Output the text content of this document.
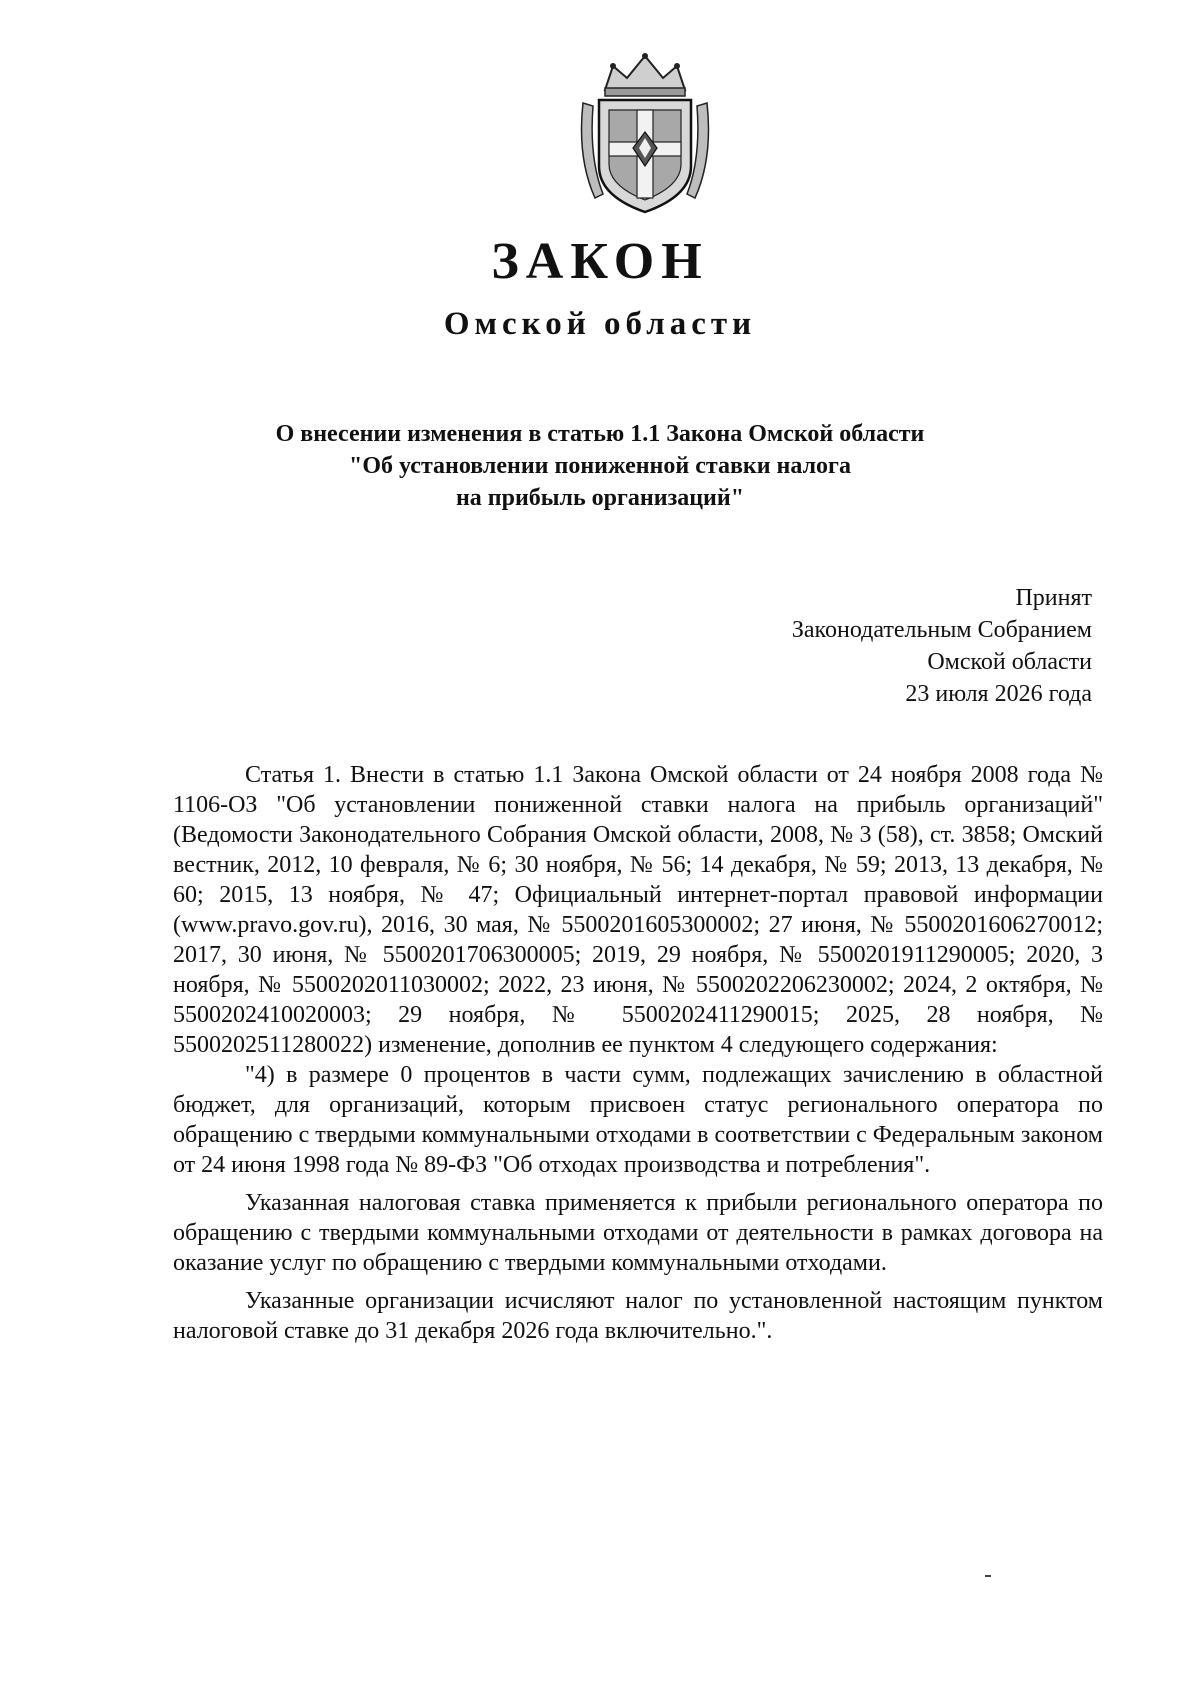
ЗАКОН
Омской области
О внесении изменения в статью 1.1 Закона Омской области
"Об установлении пониженной ставки налога
на прибыль организаций"
Принят
Законодательным Собранием
Омской области
23 июля 2026 года

Статья 1. Внести в статью 1.1 Закона Омской области от 24 ноября 2008 года № 1106-ОЗ "Об установлении пониженной ставки налога на прибыль организаций" (Ведомости Законодательного Собрания Омской области, 2008, № 3 (58), ст. 3858; Омский вестник, 2012, 10 февраля, № 6; 30 ноября, № 56; 14 декабря, № 59; 2013, 13 декабря, № 60; 2015, 13 ноября, № 47; Официальный интернет-портал правовой информации (www.pravo.gov.ru), 2016, 30 мая, № 5500201605300002; 27 июня, № 5500201606270012; 2017, 30 июня, № 5500201706300005; 2019, 29 ноября, № 5500201911290005; 2020, 3 ноября, № 5500202011030002; 2022, 23 июня, № 5500202206230002; 2024, 2 октября, № 5500202410020003; 29 ноября, № 5500202411290015; 2025, 28 ноября, № 5500202511280022) изменение, дополнив ее пунктом 4 следующего содержания:

"4) в размере 0 процентов в части сумм, подлежащих зачислению в областной бюджет, для организаций, которым присвоен статус регионального оператора по обращению с твердыми коммунальными отходами в соответствии с Федеральным законом от 24 июня 1998 года № 89-ФЗ "Об отходах производства и потребления".

Указанная налоговая ставка применяется к прибыли регионального оператора по обращению с твердыми коммунальными отходами от деятельности в рамках договора на оказание услуг по обращению с твердыми коммунальными отходами.

Указанные организации исчисляют налог по установленной настоящим пунктом налоговой ставке до 31 декабря 2026 года включительно.".
